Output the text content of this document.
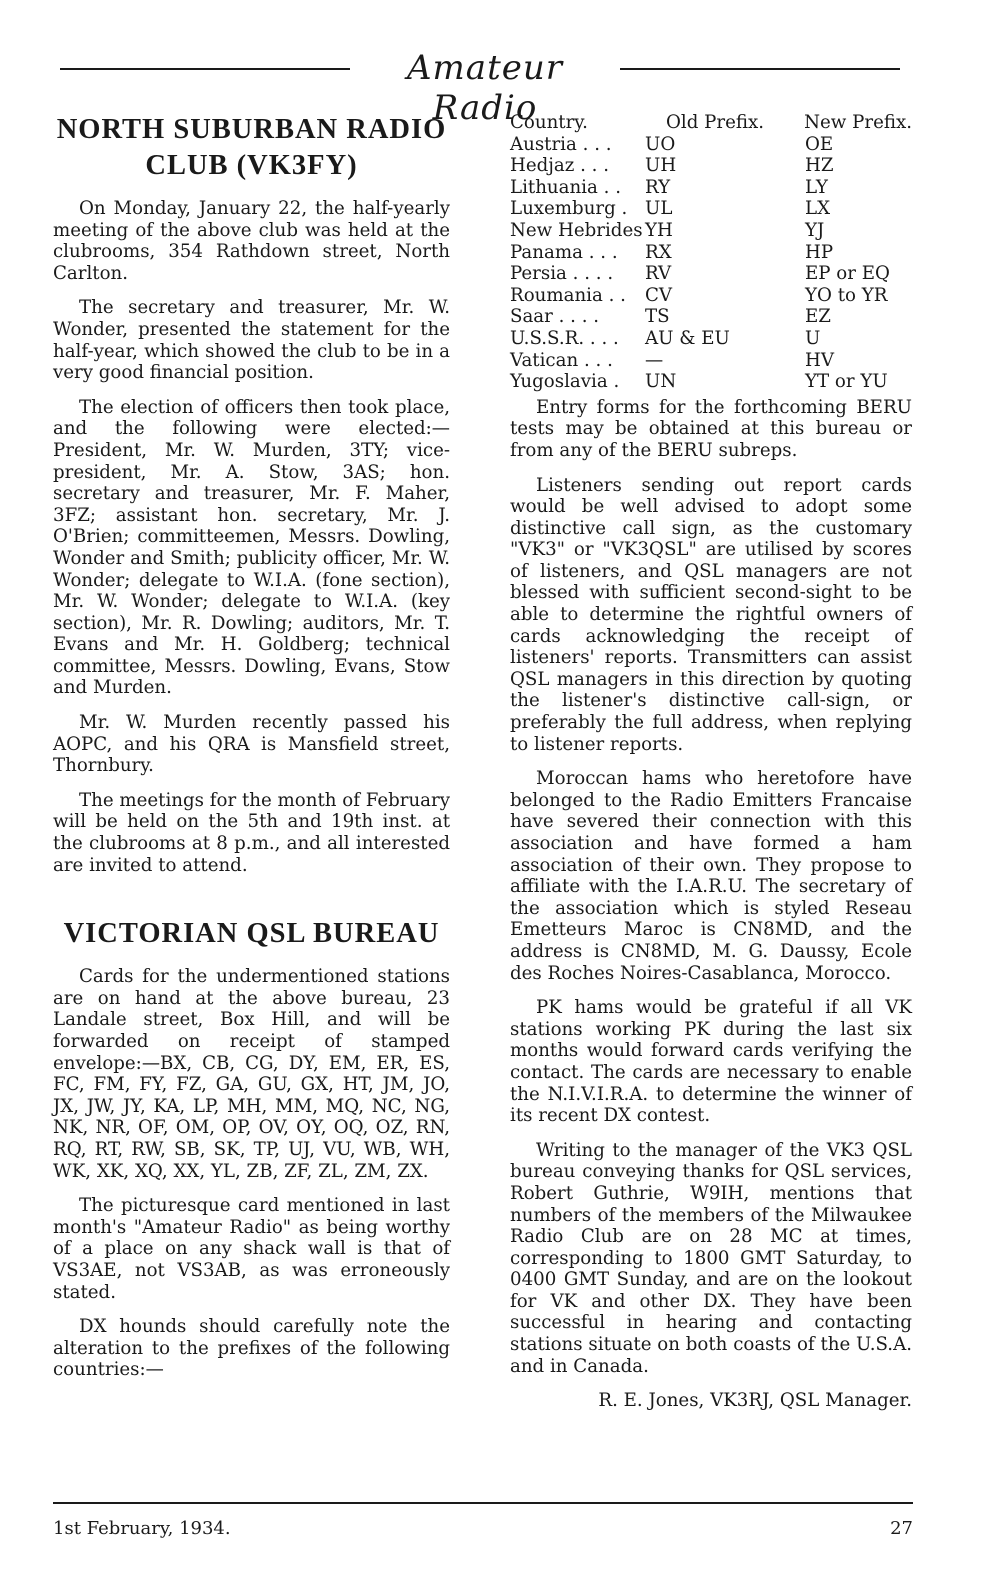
Amateur Radio
NORTH SUBURBAN RADIO CLUB (VK3FY)

On Monday, January 22, the half-yearly meeting of the above club was held at the clubrooms, 354 Rathdown street, North Carlton.

The secretary and treasurer, Mr. W. Wonder, presented the statement for the half-year, which showed the club to be in a very good financial position.

The election of officers then took place, and the following were elected:—President, Mr. W. Murden, 3TY; vice-president, Mr. A. Stow, 3AS; hon. secretary and treasurer, Mr. F. Maher, 3FZ; assistant hon. secretary, Mr. J. O'Brien; committeemen, Messrs. Dowling, Wonder and Smith; publicity officer, Mr. W. Wonder; delegate to W.I.A. (fone section), Mr. W. Wonder; delegate to W.I.A. (key section), Mr. R. Dowling; auditors, Mr. T. Evans and Mr. H. Goldberg; technical committee, Messrs. Dowling, Evans, Stow and Murden.

Mr. W. Murden recently passed his AOPC, and his QRA is Mansfield street, Thornbury.

The meetings for the month of February will be held on the 5th and 19th inst. at the clubrooms at 8 p.m., and all interested are invited to attend.

VICTORIAN QSL BUREAU

Cards for the undermentioned stations are on hand at the above bureau, 23 Landale street, Box Hill, and will be forwarded on receipt of stamped envelope:—BX, CB, CG, DY, EM, ER, ES, FC, FM, FY, FZ, GA, GU, GX, HT, JM, JO, JX, JW, JY, KA, LP, MH, MM, MQ, NC, NG, NK, NR, OF, OM, OP, OV, OY, OQ, OZ, RN, RQ, RT, RW, SB, SK, TP, UJ, VU, WB, WH, WK, XK, XQ, XX, YL, ZB, ZF, ZL, ZM, ZX.

The picturesque card mentioned in last month's "Amateur Radio" as being worthy of a place on any shack wall is that of VS3AE, not VS3AB, as was erroneously stated.

DX hounds should carefully note the alteration to the prefixes of the following countries:—

Country.	Old Prefix.	New Prefix.
Austria . . .	UO	OE
Hedjaz . . .	UH	HZ
Lithuania . .	RY	LY
Luxemburg .	UL	LX
New Hebrides	YH	YJ
Panama . . .	RX	HP
Persia . . . .	RV	EP or EQ
Roumania . .	CV	YO to YR
Saar . . . .	TS	EZ
U.S.S.R. . . .	AU & EU	U
Vatican . . .	—	HV
Yugoslavia .	UN	YT or YU

Entry forms for the forthcoming BERU tests may be obtained at this bureau or from any of the BERU subreps.

Listeners sending out report cards would be well advised to adopt some distinctive call sign, as the customary "VK3" or "VK3QSL" are utilised by scores of listeners, and QSL managers are not blessed with sufficient second-sight to be able to determine the rightful owners of cards acknowledging the receipt of listeners' reports. Transmitters can assist QSL managers in this direction by quoting the listener's distinctive call-sign, or preferably the full address, when replying to listener reports.

Moroccan hams who heretofore have belonged to the Radio Emitters Francaise have severed their connection with this association and have formed a ham association of their own. They propose to affiliate with the I.A.R.U. The secretary of the association which is styled Reseau Emetteurs Maroc is CN8MD, and the address is CN8MD, M. G. Daussy, Ecole des Roches Noires-Casablanca, Morocco.

PK hams would be grateful if all VK stations working PK during the last six months would forward cards verifying the contact. The cards are necessary to enable the N.I.V.I.R.A. to determine the winner of its recent DX contest.

Writing to the manager of the VK3 QSL bureau conveying thanks for QSL services, Robert Guthrie, W9IH, mentions that numbers of the members of the Milwaukee Radio Club are on 28 MC at times, corresponding to 1800 GMT Saturday, to 0400 GMT Sunday, and are on the lookout for VK and other DX. They have been successful in hearing and contacting stations situate on both coasts of the U.S.A. and in Canada.

R. E. Jones, VK3RJ, QSL Manager.

1st February, 1934.	27
